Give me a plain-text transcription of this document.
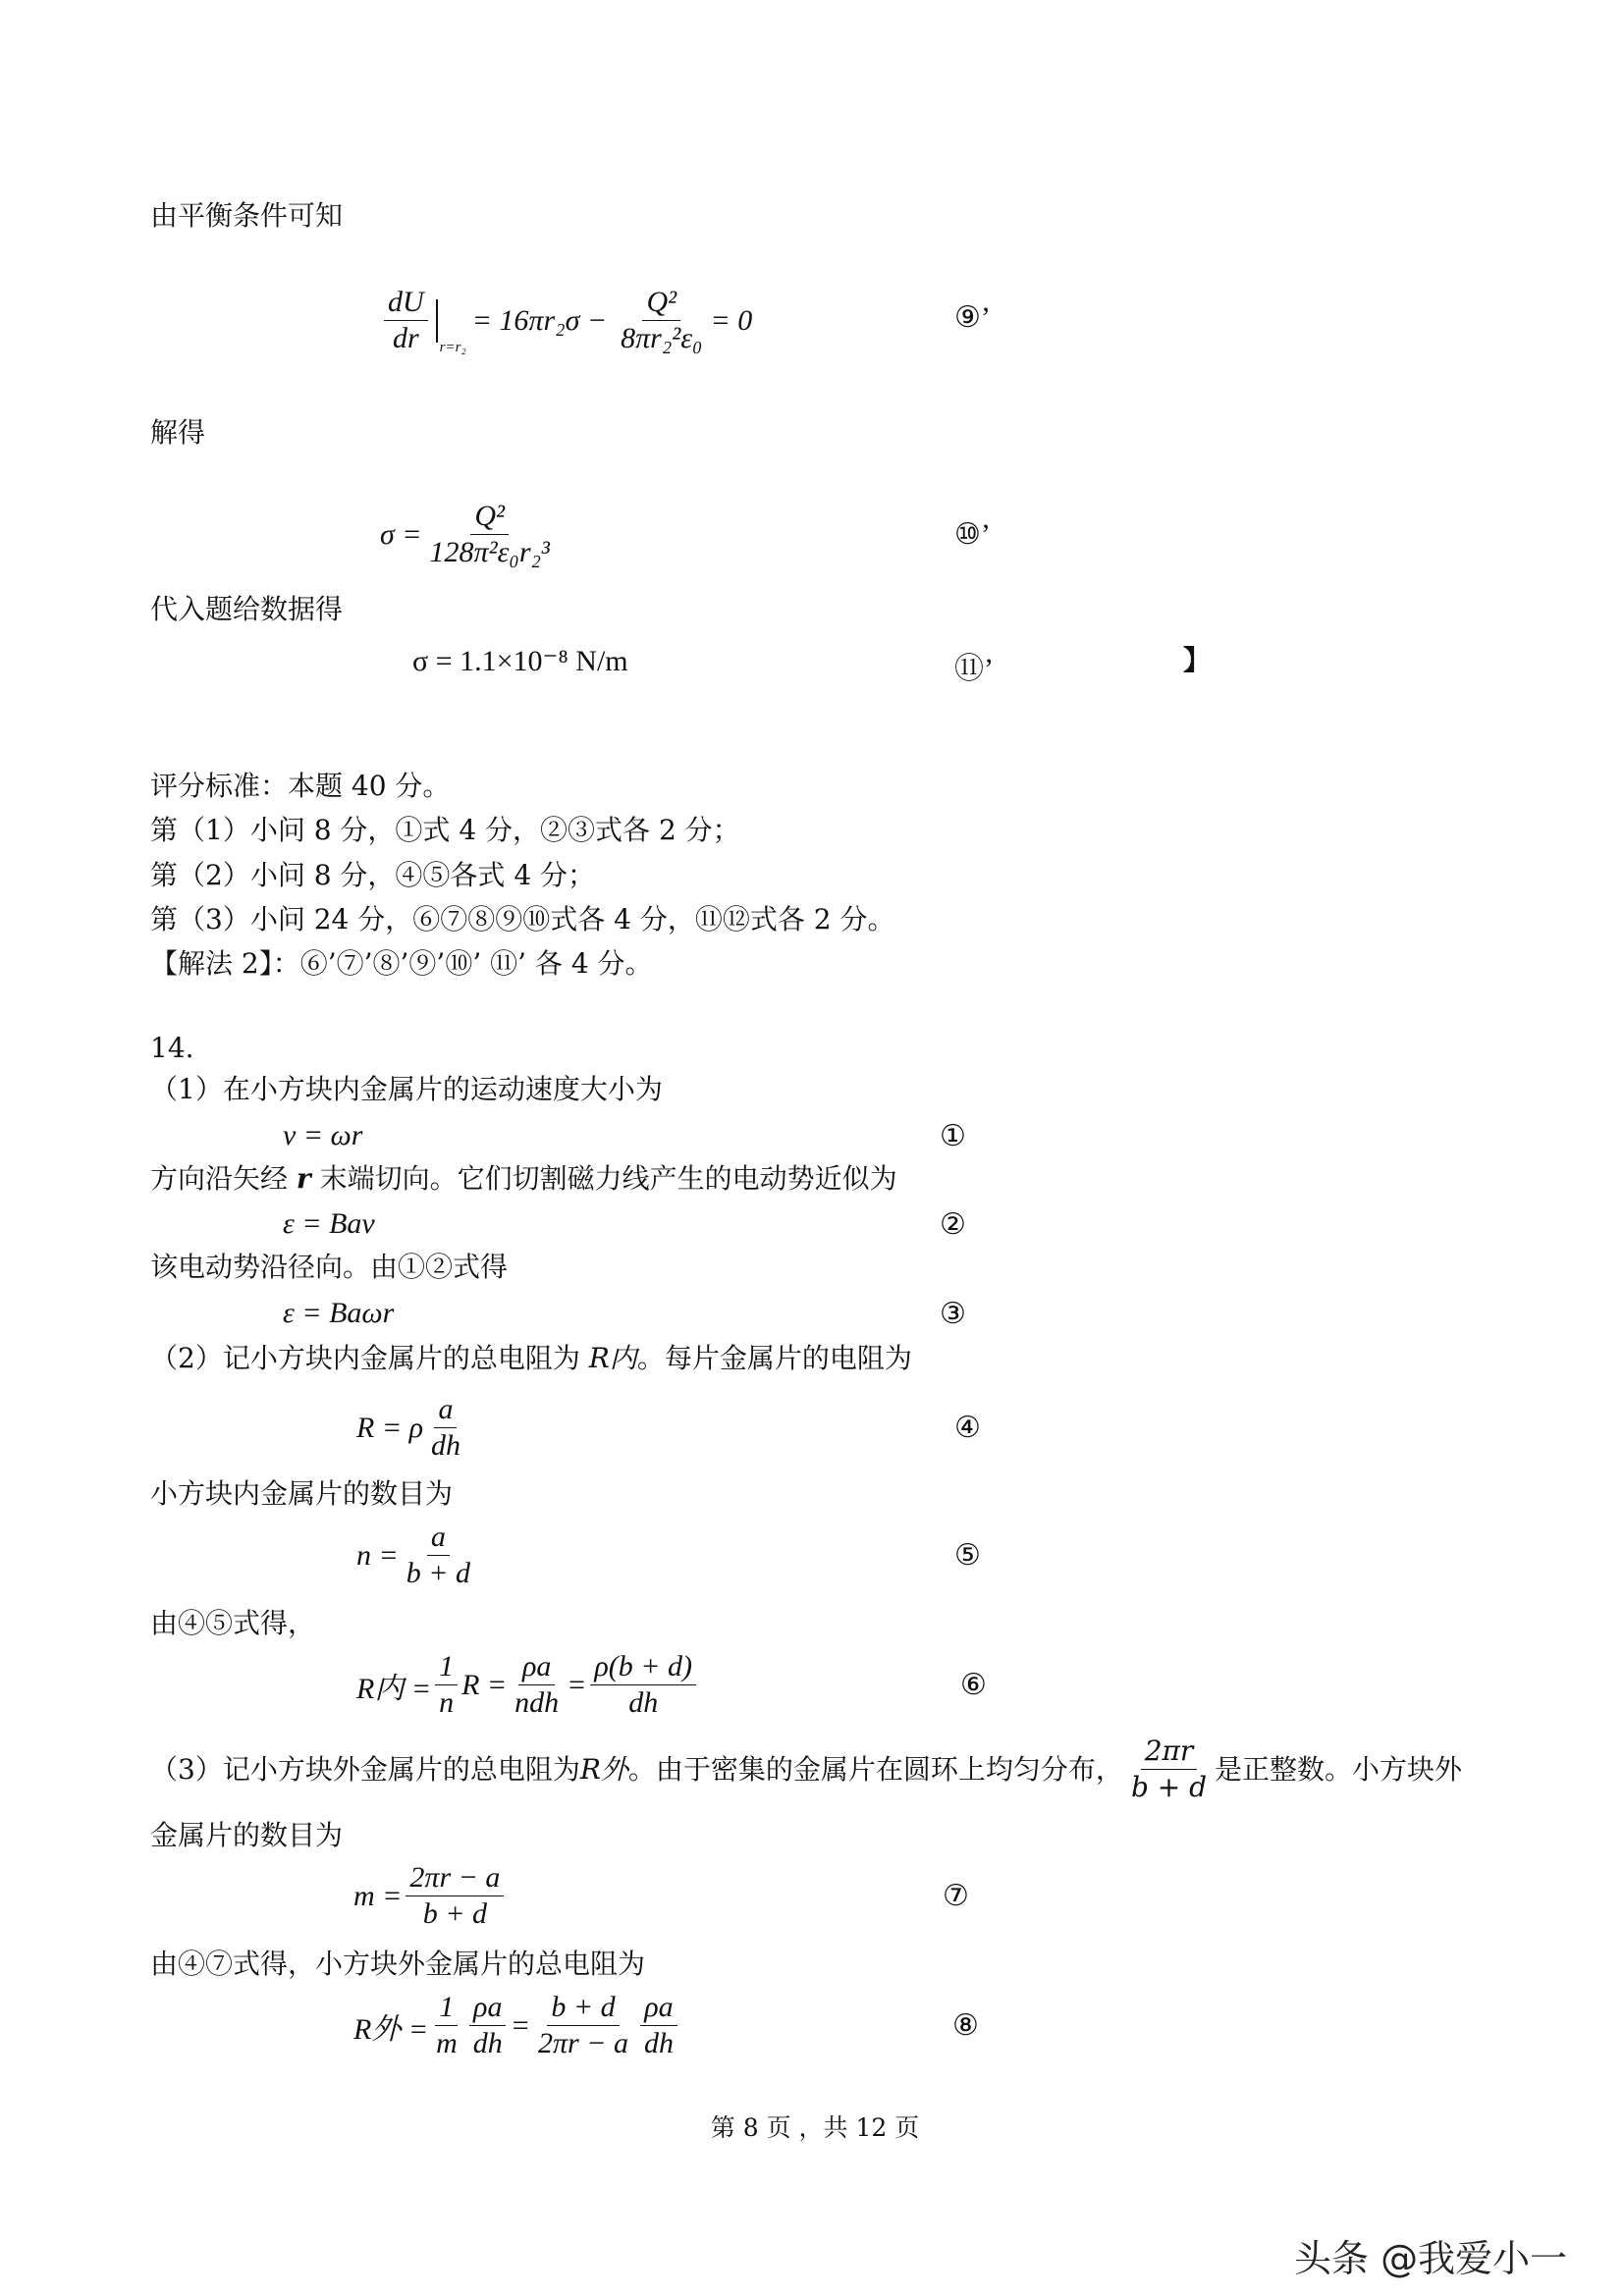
由平衡条件可知
$\frac{dU}{dr} r=r_2$
= $16\pi r_2\sigma - \frac{\text{Q²}}{\text{8πr₂²ε₀}} = 0$	⑨’
解得
$\sigma = \frac{\text{Q²}}{\text{128π²ε₀r₂³}}$	⑩’
代入题给数据得
σ = 1.1×10⁻⁸ N/m	⑪’	】
评分标准：本题 40 分。
第（1）小问 8 分，①式 4 分，②③式各 2 分；
第（2）小问 8 分，④⑤各式 4 分；
第（3）小问 24 分，⑥⑦⑧⑨⑩式各 4 分，⑪⑫式各 2 分。
【解法 2】：⑥’⑦’⑧’⑨’⑩’ ⑪’ 各 4 分。
14.
（1）在小方块内金属片的运动速度大小为
v = ωr	①
方向沿矢经 r 末端切向。它们切割磁力线产生的电动势近似为
ε = Bav	②
该电动势沿径向。由①②式得
ε = Baωr	③
（2）记小方块内金属片的总电阻为 R内。每片金属片的电阻为
R = ρ $\frac{a}{dh}$	④
小方块内金属片的数目为
$n = \frac{a}{b + d}$	⑤
由④⑤式得，
R内 = $\frac{1}{n}$ $R = \frac{\rho a}{\text{ndh}} = \frac{\rho(b + d)}{dh}$	⑥
（3）记小方块外金属片的总电阻为 R外 。由于密集的金属片在圆环上均匀分布， $\frac{2\pi r}{b + d}$ 是正整数。小方块外
金属片的数目为
$m = \frac{2\pi r - a}{b + d}$	⑦
由④⑦式得，小方块外金属片的总电阻为
R外 = $\frac{1}{m} \frac{\rho a}{dh} = \frac{b + d}{2\pi r - a} \frac{\rho a}{dh}$	⑧
第 8 页 ，共 12 页
头条 @我爱小一
